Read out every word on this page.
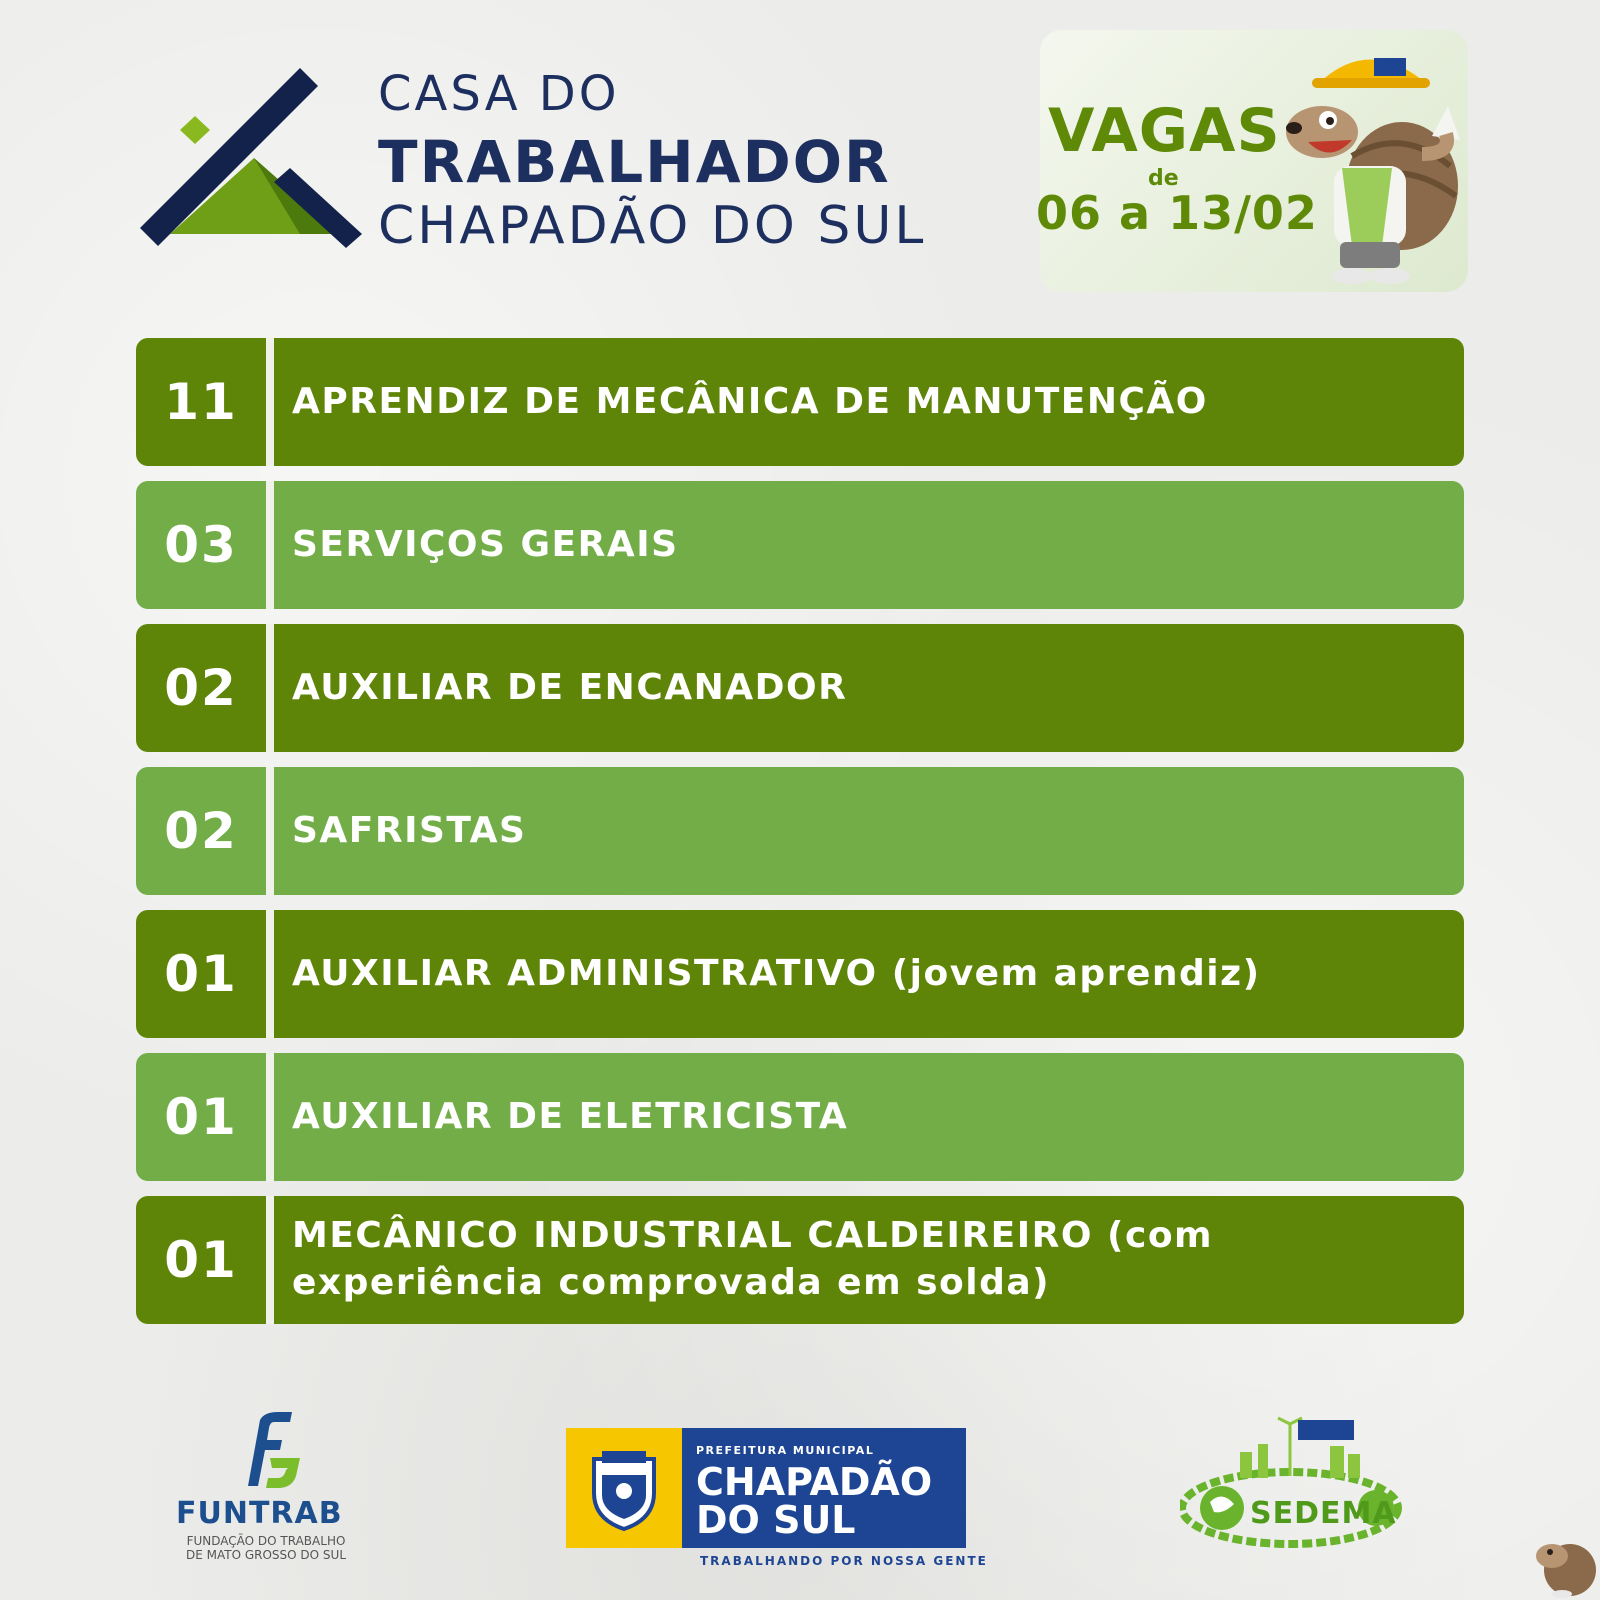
CASA DO
TRABALHADOR
CHAPADÃO DO SUL
VAGAS
de
06 a 13/02
11	APRENDIZ DE MECÂNICA DE MANUTENÇÃO
03	SERVIÇOS GERAIS
02	AUXILIAR DE ENCANADOR
02	SAFRISTAS
01	AUXILIAR ADMINISTRATIVO (jovem aprendiz)
01	AUXILIAR DE ELETRICISTA
01	MECÂNICO INDUSTRIAL CALDEIREIRO (com experiência comprovada em solda)
FUNTRAB
FUNDAÇÃO DO TRABALHO
DE MATO GROSSO DO SUL
PREFEITURA MUNICIPAL
CHAPADÃO
DO SUL
TRABALHANDO POR NOSSA GENTE
SEDEMA
